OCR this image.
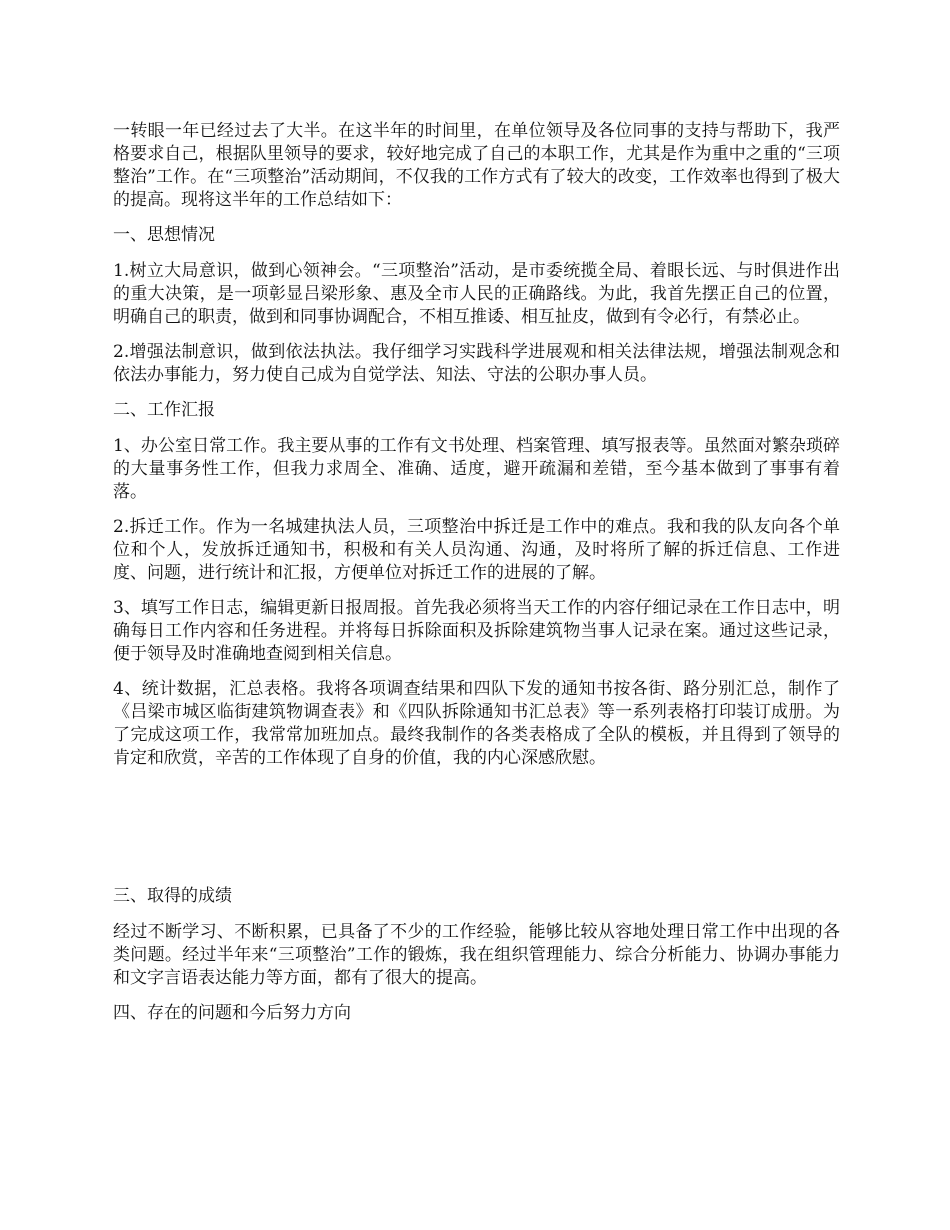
一转眼一年已经过去了大半。在这半年的时间里，在单位领导及各位同事的支持与帮助下，我严格要求自己，根据队里领导的要求，较好地完成了自己的本职工作，尤其是作为重中之重的“三项整治”工作。在“三项整治”活动期间，不仅我的工作方式有了较大的改变，工作效率也得到了极大的提高。现将这半年的工作总结如下：

一、思想情况

1.树立大局意识，做到心领神会。“三项整治”活动，是市委统揽全局、着眼长远、与时俱进作出的重大决策，是一项彰显吕梁形象、惠及全市人民的正确路线。为此，我首先摆正自己的位置，明确自己的职责，做到和同事协调配合，不相互推诿、相互扯皮，做到有令必行，有禁必止。

2.增强法制意识，做到依法执法。我仔细学习实践科学进展观和相关法律法规，增强法制观念和依法办事能力，努力使自己成为自觉学法、知法、守法的公职办事人员。

二、工作汇报

1、办公室日常工作。我主要从事的工作有文书处理、档案管理、填写报表等。虽然面对繁杂琐碎的大量事务性工作，但我力求周全、准确、适度，避开疏漏和差错，至今基本做到了事事有着落。

2.拆迁工作。作为一名城建执法人员，三项整治中拆迁是工作中的难点。我和我的队友向各个单位和个人，发放拆迁通知书，积极和有关人员沟通、沟通，及时将所了解的拆迁信息、工作进度、问题，进行统计和汇报，方便单位对拆迁工作的进展的了解。

3、填写工作日志，编辑更新日报周报。首先我必须将当天工作的内容仔细记录在工作日志中，明确每日工作内容和任务进程。并将每日拆除面积及拆除建筑物当事人记录在案。通过这些记录，便于领导及时准确地查阅到相关信息。

4、统计数据，汇总表格。我将各项调查结果和四队下发的通知书按各街、路分别汇总，制作了《吕梁市城区临街建筑物调查表》和《四队拆除通知书汇总表》等一系列表格打印装订成册。为了完成这项工作，我常常加班加点。最终我制作的各类表格成了全队的模板，并且得到了领导的肯定和欣赏，辛苦的工作体现了自身的价值，我的内心深感欣慰。

三、取得的成绩

经过不断学习、不断积累，已具备了不少的工作经验，能够比较从容地处理日常工作中出现的各类问题。经过半年来“三项整治”工作的锻炼，我在组织管理能力、综合分析能力、协调办事能力和文字言语表达能力等方面，都有了很大的提高。

四、存在的问题和今后努力方向
